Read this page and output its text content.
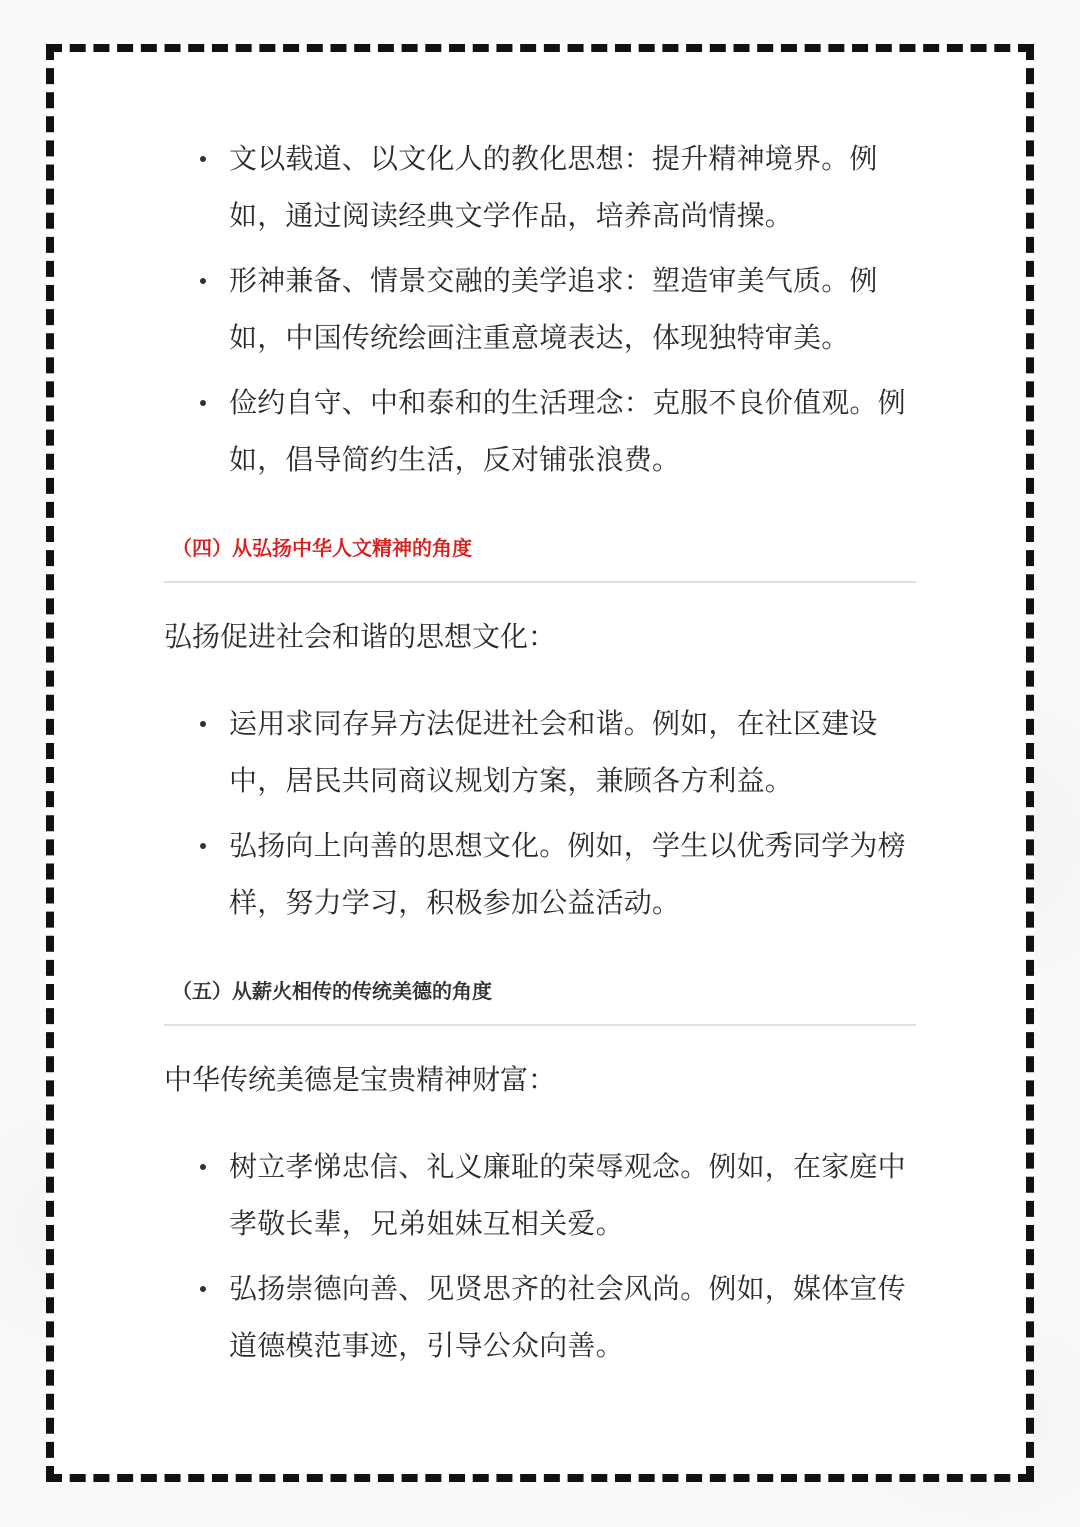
文以载道、以文化人的教化思想：提升精神境界。例如，通过阅读经典文学作品，培养高尚情操。
形神兼备、情景交融的美学追求：塑造审美气质。例如，中国传统绘画注重意境表达，体现独特审美。
俭约自守、中和泰和的生活理念：克服不良价值观。例如，倡导简约生活，反对铺张浪费。
（四）从弘扬中华人文精神的角度

弘扬促进社会和谐的思想文化：

运用求同存异方法促进社会和谐。例如，在社区建设中，居民共同商议规划方案，兼顾各方利益。
弘扬向上向善的思想文化。例如，学生以优秀同学为榜样，努力学习，积极参加公益活动。
（五）从薪火相传的传统美德的角度

中华传统美德是宝贵精神财富：

树立孝悌忠信、礼义廉耻的荣辱观念。例如，在家庭中孝敬长辈，兄弟姐妹互相关爱。
弘扬崇德向善、见贤思齐的社会风尚。例如，媒体宣传道德模范事迹，引导公众向善。
